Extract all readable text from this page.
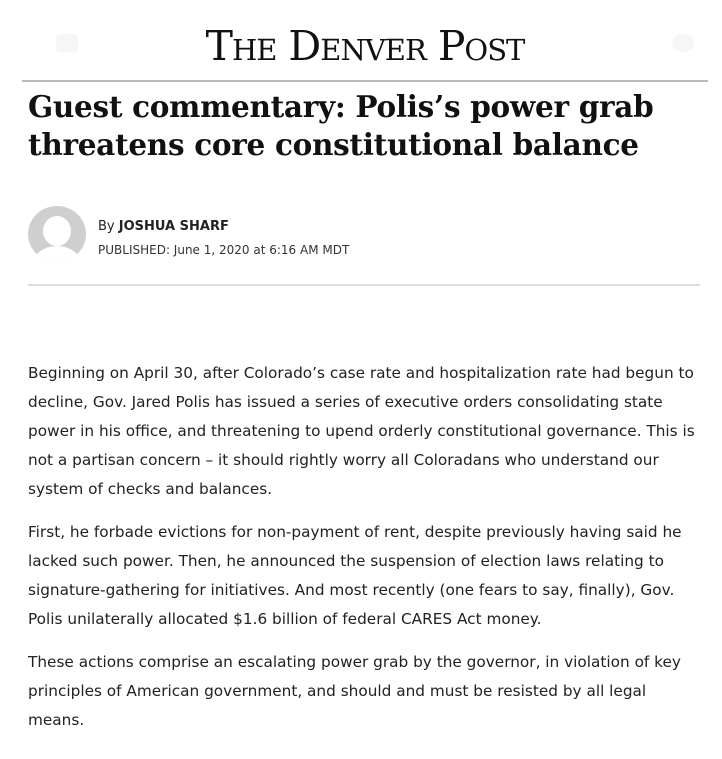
The Denver Post
Guest commentary: Polis’s power grab threatens core constitutional balance
By JOSHUA SHARF
PUBLISHED: June 1, 2020 at 6:16 AM MDT

Beginning on April 30, after Colorado’s case rate and hospitalization rate had begun to decline, Gov. Jared Polis has issued a series of executive orders consolidating state power in his office, and threatening to upend orderly constitutional governance. This is not a partisan concern – it should rightly worry all Coloradans who understand our system of checks and balances.

First, he forbade evictions for non-payment of rent, despite previously having said he lacked such power. Then, he announced the suspension of election laws relating to signature-gathering for initiatives. And most recently (one fears to say, finally), Gov. Polis unilaterally allocated $1.6 billion of federal CARES Act money.

These actions comprise an escalating power grab by the governor, in violation of key principles of American government, and should and must be resisted by all legal means.
